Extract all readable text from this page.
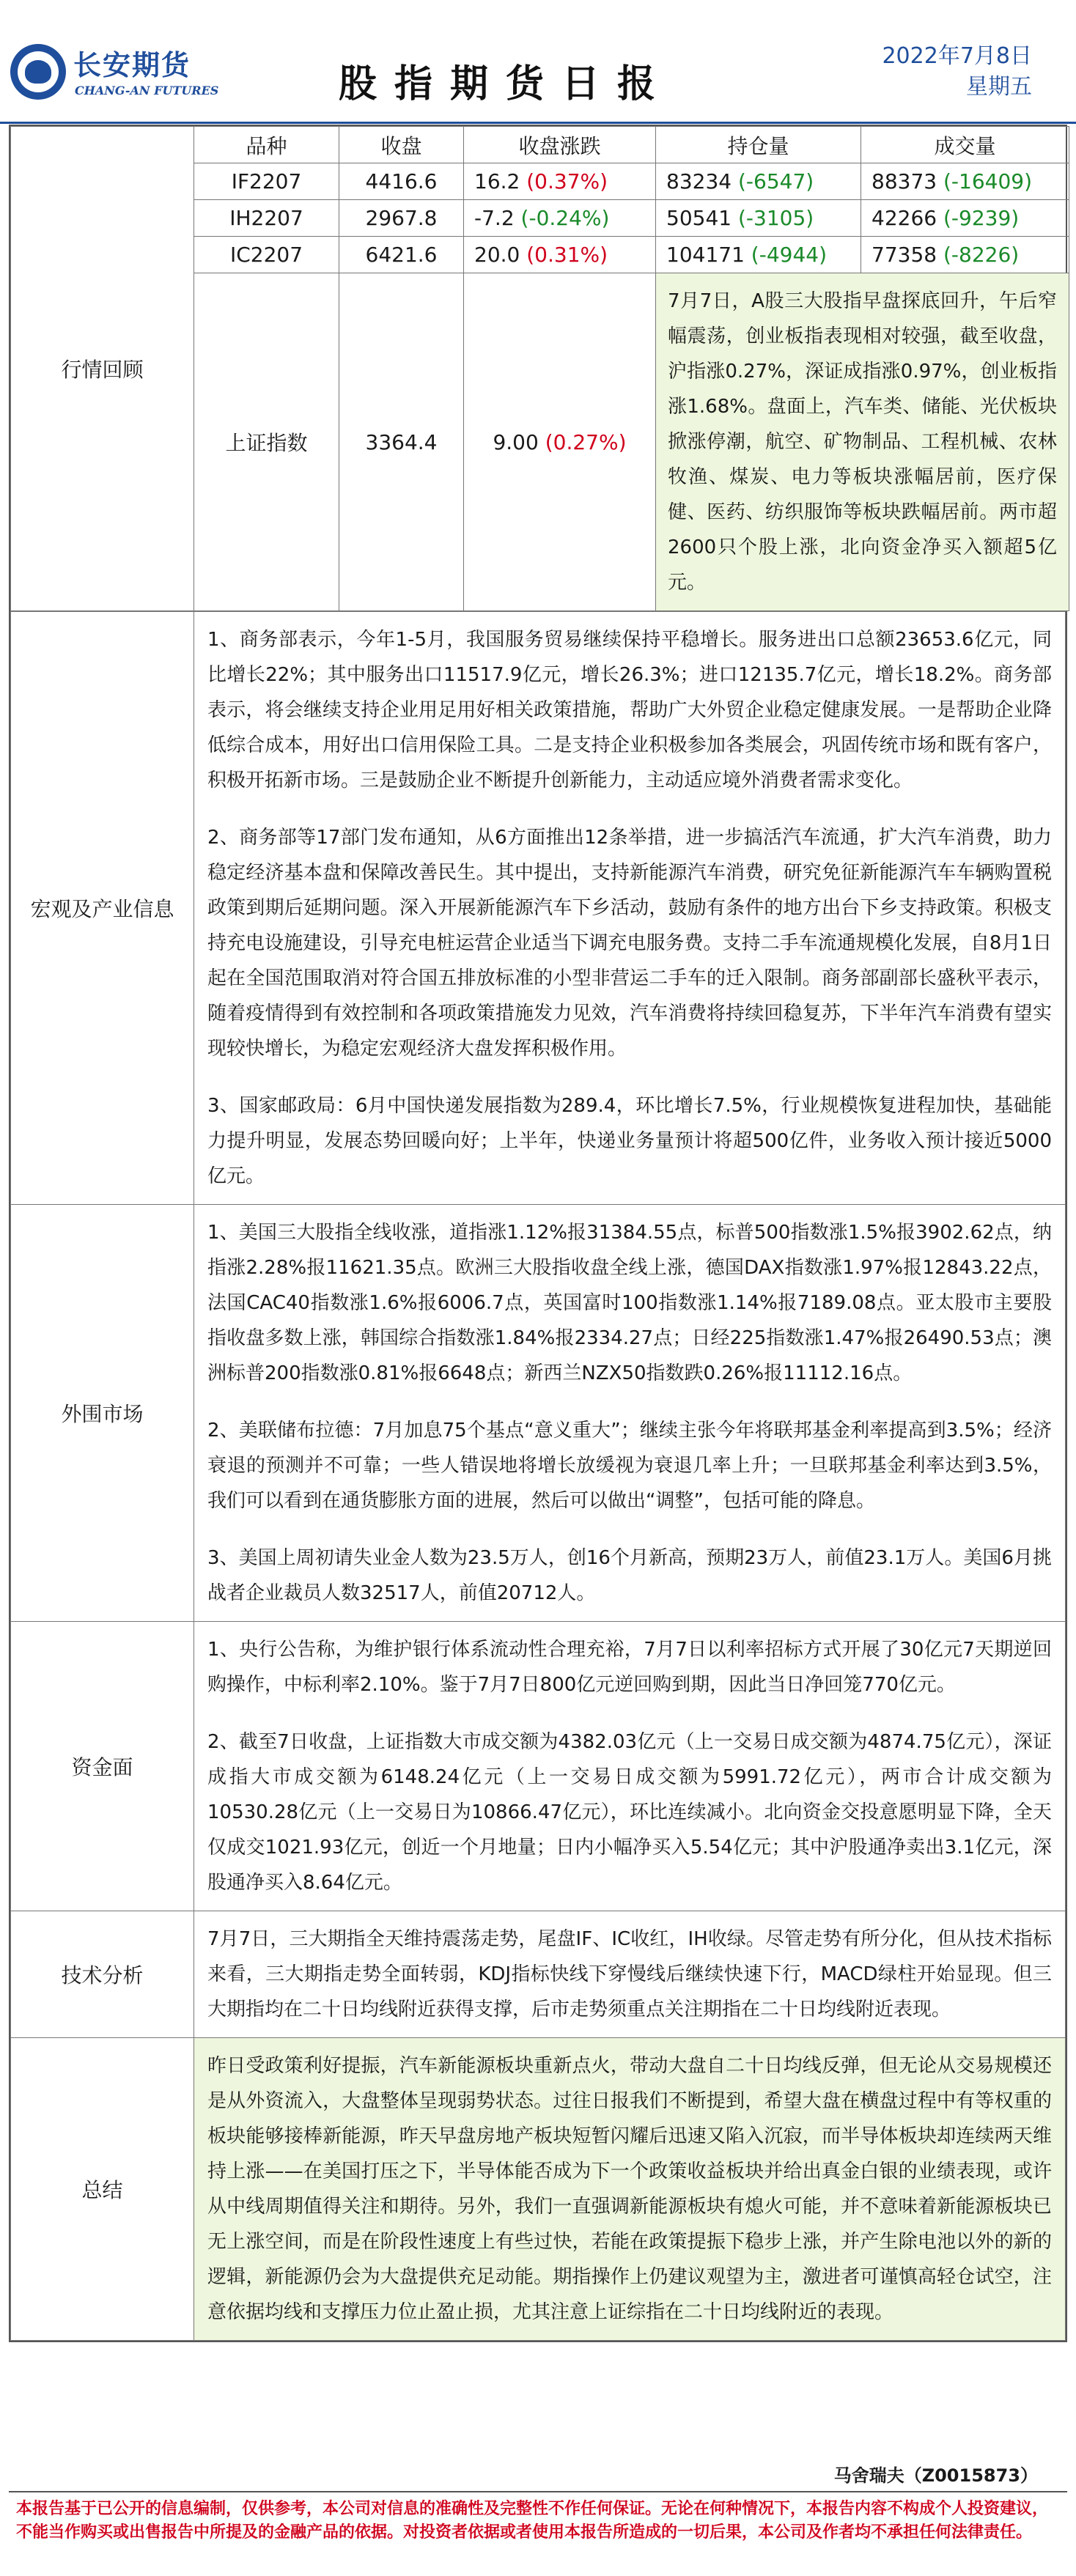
长安期货
CHANG-AN FUTURES	股指期货日报
2022年7月8日
星期五
行情回顾	品种	收盘	收盘涨跌	持仓量	成交量
	IF2207	4416.6	16.2 (0.37%)	83234 (-6547)	88373 (-16409)
	IH2207	2967.8	-7.2 (-0.24%)	50541 (-3105)	42266 (-9239)
	IC2207	6421.6	20.0 (0.31%)	104171 (-4944)	77358 (-8226)
	上证指数	3364.4	9.00 (0.27%)	7月7日，A股三大股指早盘探底回升，午后窄幅震荡，创业板指表现相对较强，截至收盘，沪指涨0.27%，深证成指涨0.97%，创业板指涨1.68%。盘面上，汽车类、储能、光伏板块掀涨停潮，航空、矿物制品、工程机械、农林牧渔、煤炭、电力等板块涨幅居前，医疗保健、医药、纺织服饰等板块跌幅居前。两市超2600只个股上涨，北向资金净买入额超5亿元。	
宏观及产业信息	1、商务部表示，今年1-5月，我国服务贸易继续保持平稳增长。服务进出口总额23653.6亿元，同比增长22%；其中服务出口11517.9亿元，增长26.3%；进口12135.7亿元，增长18.2%。商务部表示，将会继续支持企业用足用好相关政策措施，帮助广大外贸企业稳定健康发展。一是帮助企业降低综合成本，用好出口信用保险工具。二是支持企业积极参加各类展会，巩固传统市场和既有客户，积极开拓新市场。三是鼓励企业不断提升创新能力，主动适应境外消费者需求变化。

2、商务部等17部门发布通知，从6方面推出12条举措，进一步搞活汽车流通，扩大汽车消费，助力稳定经济基本盘和保障改善民生。其中提出，支持新能源汽车消费，研究免征新能源汽车车辆购置税政策到期后延期问题。深入开展新能源汽车下乡活动，鼓励有条件的地方出台下乡支持政策。积极支持充电设施建设，引导充电桩运营企业适当下调充电服务费。支持二手车流通规模化发展，自8月1日起在全国范围取消对符合国五排放标准的小型非营运二手车的迁入限制。商务部副部长盛秋平表示，随着疫情得到有效控制和各项政策措施发力见效，汽车消费将持续回稳复苏，下半年汽车消费有望实现较快增长，为稳定宏观经济大盘发挥积极作用。

3、国家邮政局：6月中国快递发展指数为289.4，环比增长7.5%，行业规模恢复进程加快，基础能力提升明显，发展态势回暖向好；上半年，快递业务量预计将超500亿件，业务收入预计接近5000亿元。

外围市场	1、美国三大股指全线收涨，道指涨1.12%报31384.55点，标普500指数涨1.5%报3902.62点，纳指涨2.28%报11621.35点。欧洲三大股指收盘全线上涨，德国DAX指数涨1.97%报12843.22点，法国CAC40指数涨1.6%报6006.7点，英国富时100指数涨1.14%报7189.08点。亚太股市主要股指收盘多数上涨，韩国综合指数涨1.84%报2334.27点；日经225指数涨1.47%报26490.53点；澳洲标普200指数涨0.81%报6648点；新西兰NZX50指数跌0.26%报11112.16点。

2、美联储布拉德：7月加息75个基点“意义重大”；继续主张今年将联邦基金利率提高到3.5%；经济衰退的预测并不可靠；一些人错误地将增长放缓视为衰退几率上升；一旦联邦基金利率达到3.5%，我们可以看到在通货膨胀方面的进展，然后可以做出“调整”，包括可能的降息。

3、美国上周初请失业金人数为23.5万人，创16个月新高，预期23万人，前值23.1万人。美国6月挑战者企业裁员人数32517人，前值20712人。

资金面	1、央行公告称，为维护银行体系流动性合理充裕，7月7日以利率招标方式开展了30亿元7天期逆回购操作，中标利率2.10%。鉴于7月7日800亿元逆回购到期，因此当日净回笼770亿元。

2、截至7日收盘，上证指数大市成交额为4382.03亿元（上一交易日成交额为4874.75亿元），深证成指大市成交额为6148.24亿元（上一交易日成交额为5991.72亿元），两市合计成交额为10530.28亿元（上一交易日为10866.47亿元），环比连续减小。北向资金交投意愿明显下降，全天仅成交1021.93亿元，创近一个月地量；日内小幅净买入5.54亿元；其中沪股通净卖出3.1亿元，深股通净买入8.64亿元。

技术分析	7月7日，三大期指全天维持震荡走势，尾盘IF、IC收红，IH收绿。尽管走势有所分化，但从技术指标来看，三大期指走势全面转弱，KDJ指标快线下穿慢线后继续快速下行，MACD绿柱开始显现。但三大期指均在二十日均线附近获得支撑，后市走势须重点关注期指在二十日均线附近表现。

总结	昨日受政策利好提振，汽车新能源板块重新点火，带动大盘自二十日均线反弹，但无论从交易规模还是从外资流入，大盘整体呈现弱势状态。过往日报我们不断提到，希望大盘在横盘过程中有等权重的板块能够接棒新能源，昨天早盘房地产板块短暂闪耀后迅速又陷入沉寂，而半导体板块却连续两天维持上涨——在美国打压之下，半导体能否成为下一个政策收益板块并给出真金白银的业绩表现，或许从中线周期值得关注和期待。另外，我们一直强调新能源板块有熄火可能，并不意味着新能源板块已无上涨空间，而是在阶段性速度上有些过快，若能在政策提振下稳步上涨，并产生除电池以外的新的逻辑，新能源仍会为大盘提供充足动能。期指操作上仍建议观望为主，激进者可谨慎高轻仓试空，注意依据均线和支撑压力位止盈止损，尤其注意上证综指在二十日均线附近的表现。

马舍瑞夫（Z0015873）
本报告基于已公开的信息编制，仅供参考，本公司对信息的准确性及完整性不作任何保证。无论在何种情况下，本报告内容不构成个人投资建议，不能当作购买或出售报告中所提及的金融产品的依据。对投资者依据或者使用本报告所造成的一切后果，本公司及作者均不承担任何法律责任。
